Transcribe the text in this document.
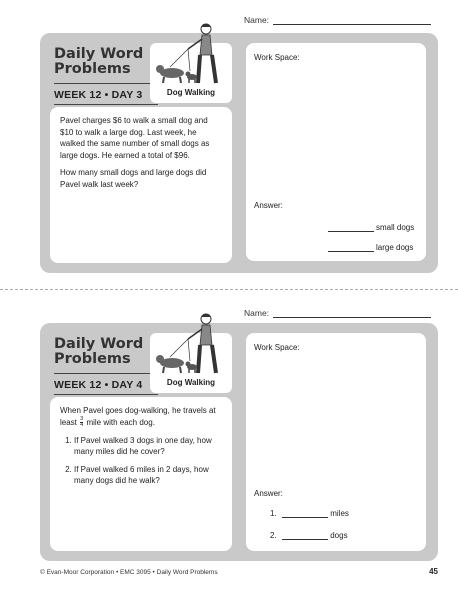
Name:
Daily Word
Problems
WEEK 12 • DAY 3	Dog Walking

Pavel charges $6 to walk a small dog and $10 to walk a large dog. Last week, he walked the same number of small dogs as large dogs. He earned a total of $96.

How many small dogs and large dogs did Pavel walk last week?

Work Space:
Answer:
small dogs
large dogs
Name:
Daily Word
Problems
WEEK 12 • DAY 4	Dog Walking

When Pavel goes dog-walking, he travels at least $\frac{3}{4}$ mile with each dog.

1. If Pavel walked 3 dogs in one day, how many miles did he cover?
2. If Pavel walked 6 miles in 2 days, how many dogs did he walk?
Work Space:
Answer:
1.	miles
2.	dogs
© Evan-Moor Corporation • EMC 3095 • Daily Word Problems	45
